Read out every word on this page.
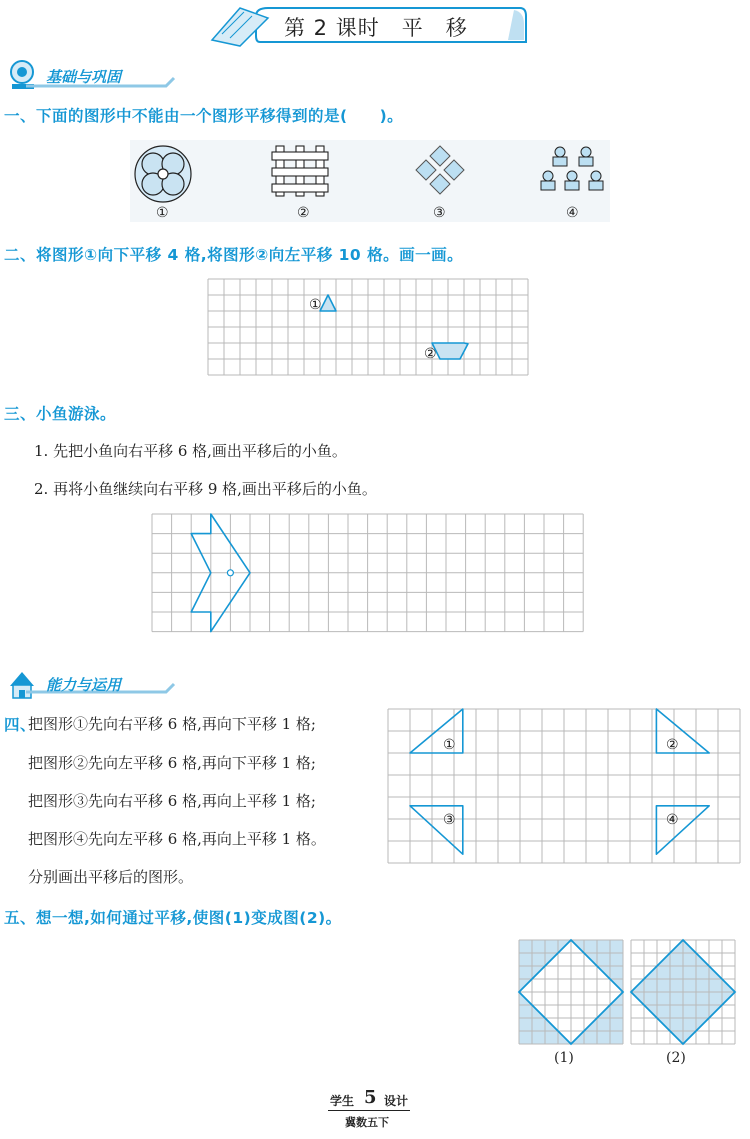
第 2 课时　平　移
基础与巩固
一、下面的图形中不能由一个图形平移得到的是(　　)。
①	②	③	④
二、将图形①向下平移 4 格,将图形②向左平移 10 格。画一画。
①
②
三、小鱼游泳。
1. 先把小鱼向右平移 6 格,画出平移后的小鱼。
2. 再将小鱼继续向右平移 9 格,画出平移后的小鱼。
能力与运用
四、
把图形①先向右平移 6 格,再向下平移 1 格;
把图形②先向左平移 6 格,再向下平移 1 格;
把图形③先向右平移 6 格,再向上平移 1 格;
把图形④先向左平移 6 格,再向上平移 1 格。
分别画出平移后的图形。
①	②
③	④
五、想一想,如何通过平移,使图(1)变成图(2)。
(1)	(2)
学生 5 设计
冀数五下
